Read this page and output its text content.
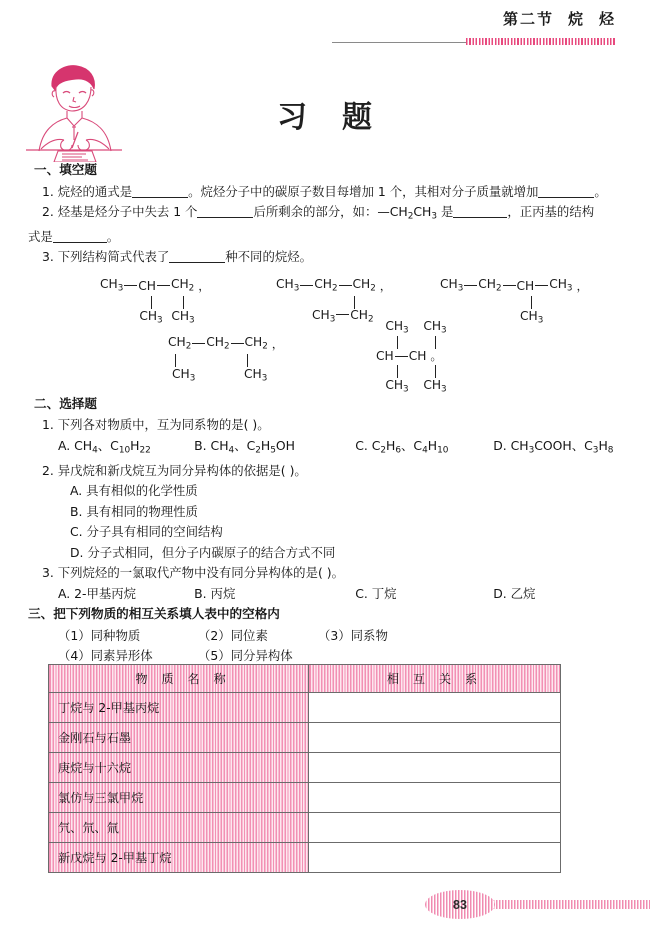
第二节 烷 烃
习 题
一、填空题
1. 烷烃的通式是	。烷烃分子中的碳原子数目每增加 1 个，其相对分子质量就增加	。
2. 烃基是烃分子中失去 1 个	后所剩余的部分，如：$—CH_2CH_3$ 是	，正丙基的结构
式是	。
3. 下列结构简式代表了	种不同的烷烃。
$CH_3$ CH $CH_2$ ，
$CH_3$ $CH_3$
$CH_3$ $CH_2$ $CH_2$ ，
$CH_3$ $CH_2$
$CH_3$ $CH_2$ CH $CH_3$ ，
$CH_3$
$CH_2$ $CH_2$ $CH_2$ ，
$CH_3$	$CH_3$
$CH_3$ $CH_3$
CH CH 。
$CH_3$ $CH_3$
二、选择题
1. 下列各对物质中，互为同系物的是( )。
A. $CH_4$、$C_{10}H_{22}$	B. $CH_4$、$C_2H_5OH$	C. $C_2H_6$、$C_4H_{10}$	D. $CH_3COOH$、$C_3H_8$
2. 异戊烷和新戊烷互为同分异构体的依据是( )。
A. 具有相似的化学性质
B. 具有相同的物理性质
C. 分子具有相同的空间结构
D. 分子式相同，但分子内碳原子的结合方式不同
3. 下列烷烃的一氯取代产物中没有同分异构体的是( )。
A. 2-甲基丙烷	B. 丙烷	C. 丁烷	D. 乙烷
三、把下列物质的相互关系填人表中的空格内
（1）同种物质	（2）同位素	（3）同系物
（4）同素异形体	（5）同分异构体
物 质 名 称	相 互 关 系
丁烷与 2-甲基丙烷	
金刚石与石墨	
庚烷与十六烷	
氯仿与三氯甲烷	
氕、氘、氚	
新戊烷与 2-甲基丁烷	
83
